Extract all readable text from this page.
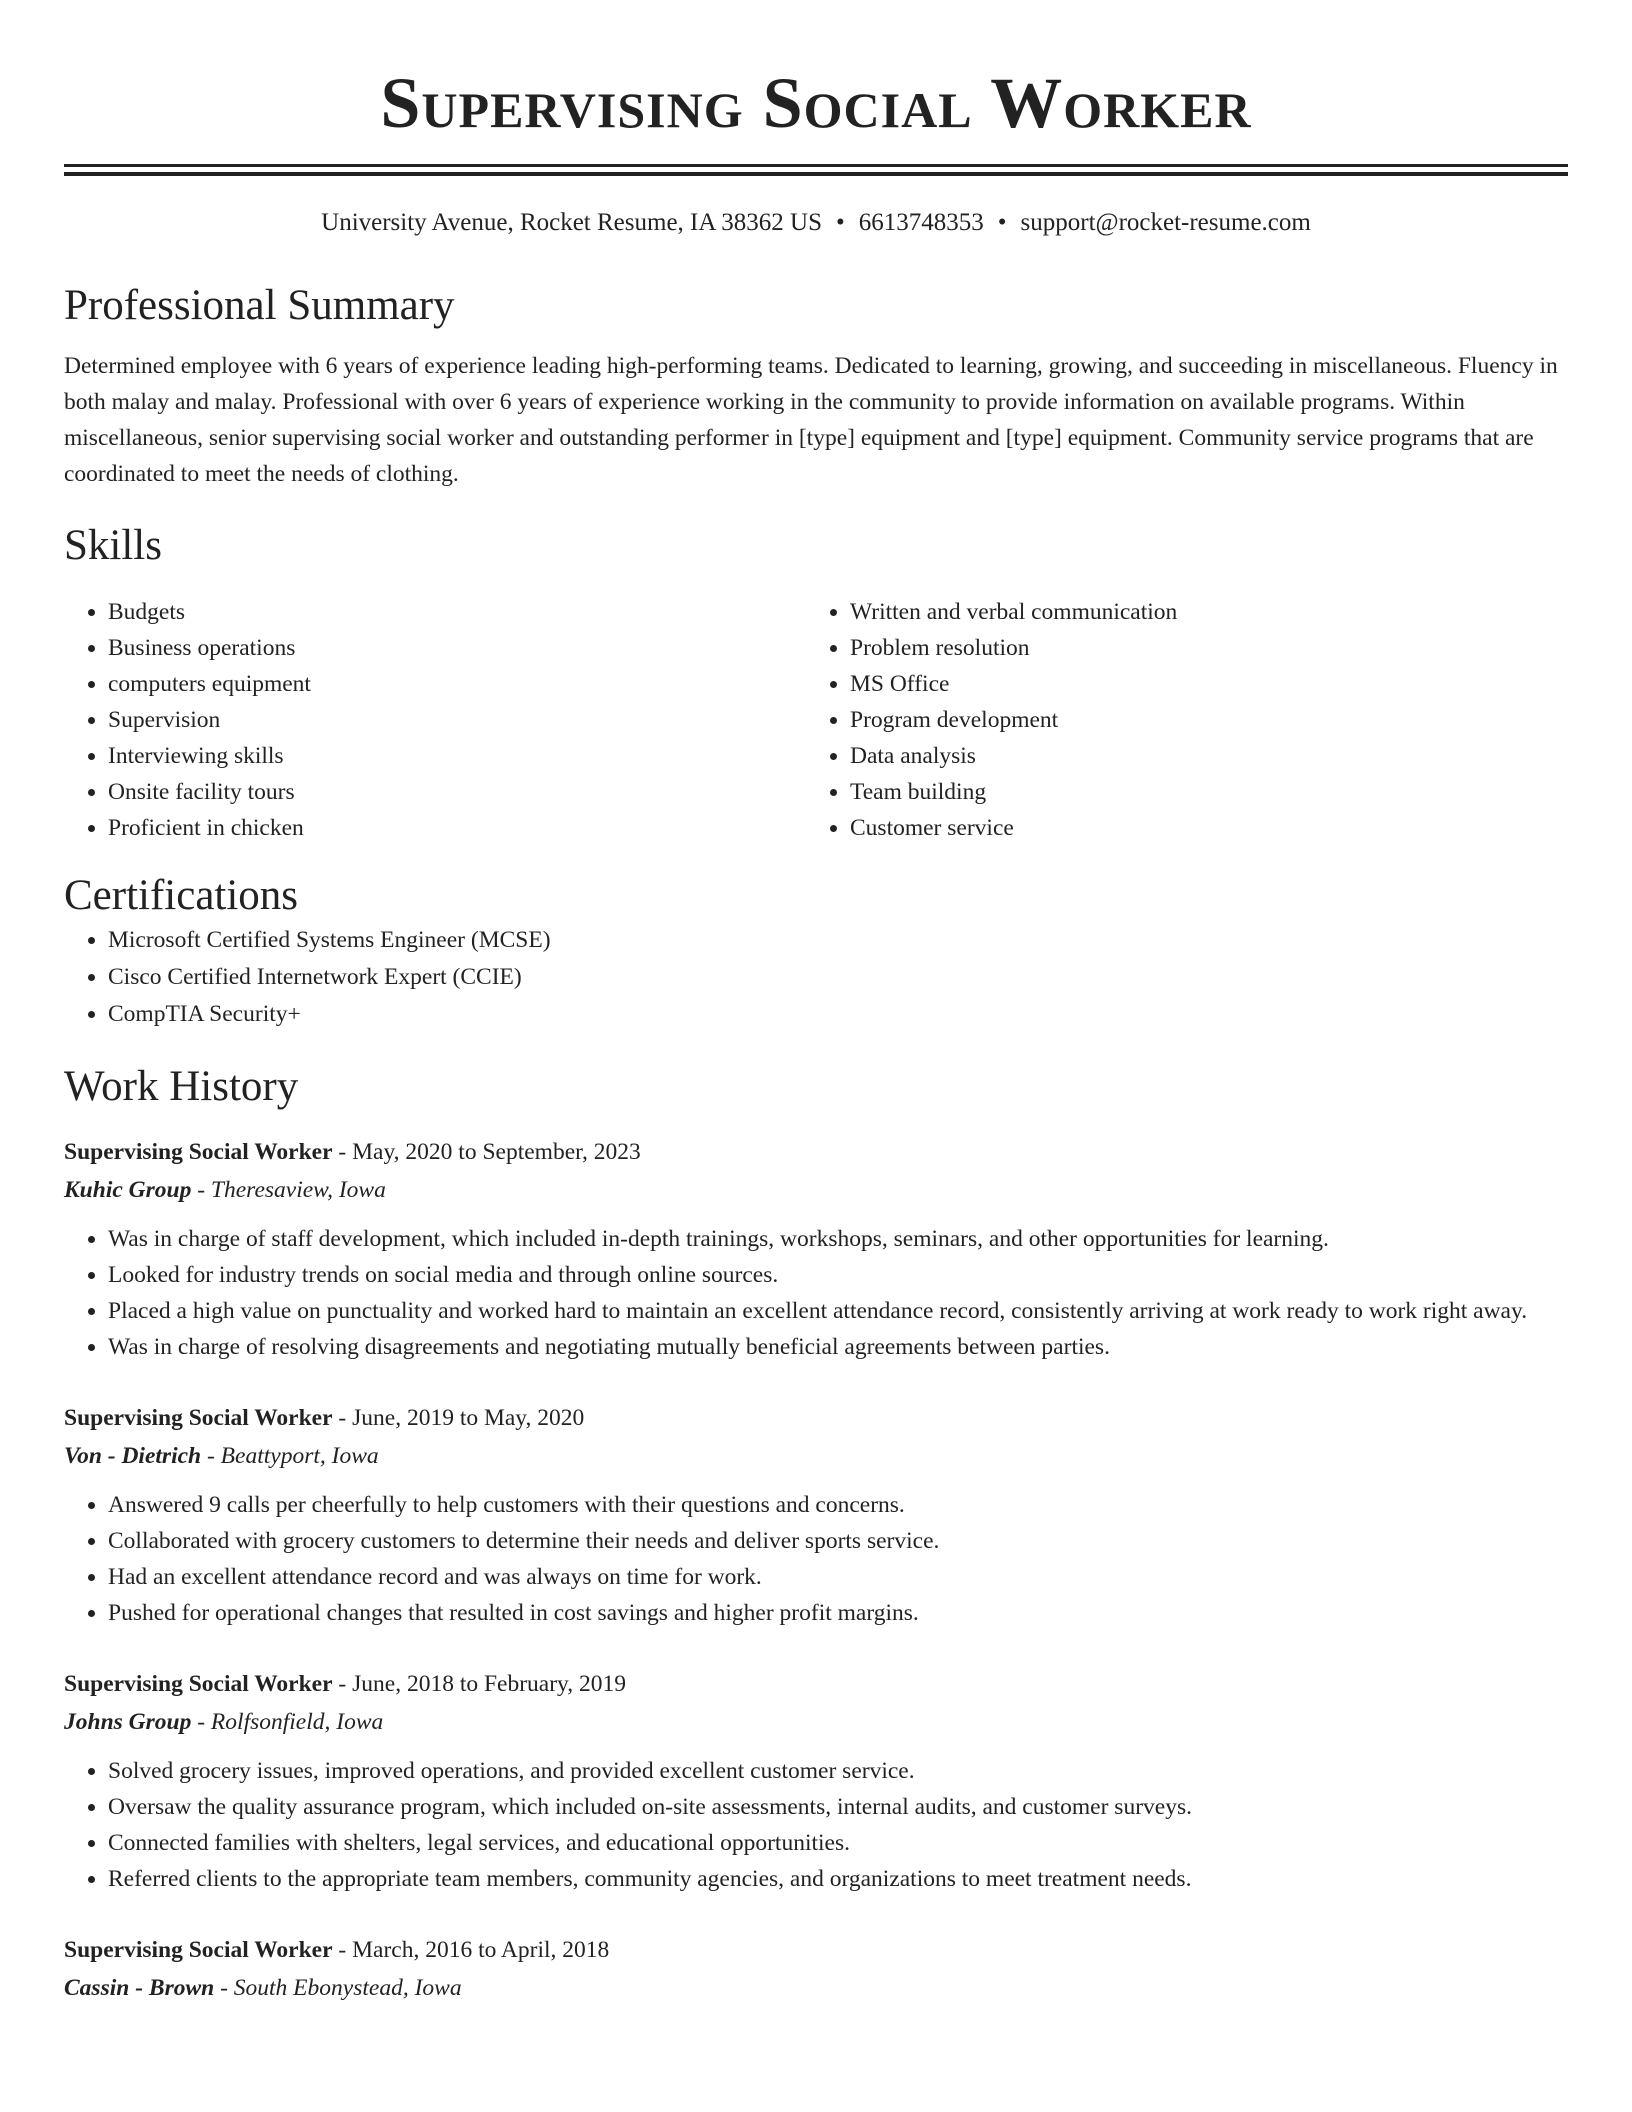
Supervising Social Worker
University Avenue, Rocket Resume, IA 38362 US • 6613748353 • support@rocket-resume.com
Professional Summary
Determined employee with 6 years of experience leading high-performing teams. Dedicated to learning, growing, and succeeding in miscellaneous. Fluency in both malay and malay. Professional with over 6 years of experience working in the community to provide information on available programs. Within miscellaneous, senior supervising social worker and outstanding performer in [type] equipment and [type] equipment. Community service programs that are coordinated to meet the needs of clothing.
Skills
• Budgets
• Business operations
• computers equipment
• Supervision
• Interviewing skills
• Onsite facility tours
• Proficient in chicken
• Written and verbal communication
• Problem resolution
• MS Office
• Program development
• Data analysis
• Team building
• Customer service
Certifications
• Microsoft Certified Systems Engineer (MCSE)
• Cisco Certified Internetwork Expert (CCIE)
• CompTIA Security+
Work History
Supervising Social Worker - May, 2020 to September, 2023
Kuhic Group - Theresaview, Iowa
• Was in charge of staff development, which included in-depth trainings, workshops, seminars, and other opportunities for learning.
• Looked for industry trends on social media and through online sources.
• Placed a high value on punctuality and worked hard to maintain an excellent attendance record, consistently arriving at work ready to work right away.
• Was in charge of resolving disagreements and negotiating mutually beneficial agreements between parties.
Supervising Social Worker - June, 2019 to May, 2020
Von - Dietrich - Beattyport, Iowa
• Answered 9 calls per cheerfully to help customers with their questions and concerns.
• Collaborated with grocery customers to determine their needs and deliver sports service.
• Had an excellent attendance record and was always on time for work.
• Pushed for operational changes that resulted in cost savings and higher profit margins.
Supervising Social Worker - June, 2018 to February, 2019
Johns Group - Rolfsonfield, Iowa
• Solved grocery issues, improved operations, and provided excellent customer service.
• Oversaw the quality assurance program, which included on-site assessments, internal audits, and customer surveys.
• Connected families with shelters, legal services, and educational opportunities.
• Referred clients to the appropriate team members, community agencies, and organizations to meet treatment needs.
Supervising Social Worker - March, 2016 to April, 2018
Cassin - Brown - South Ebonystead, Iowa
